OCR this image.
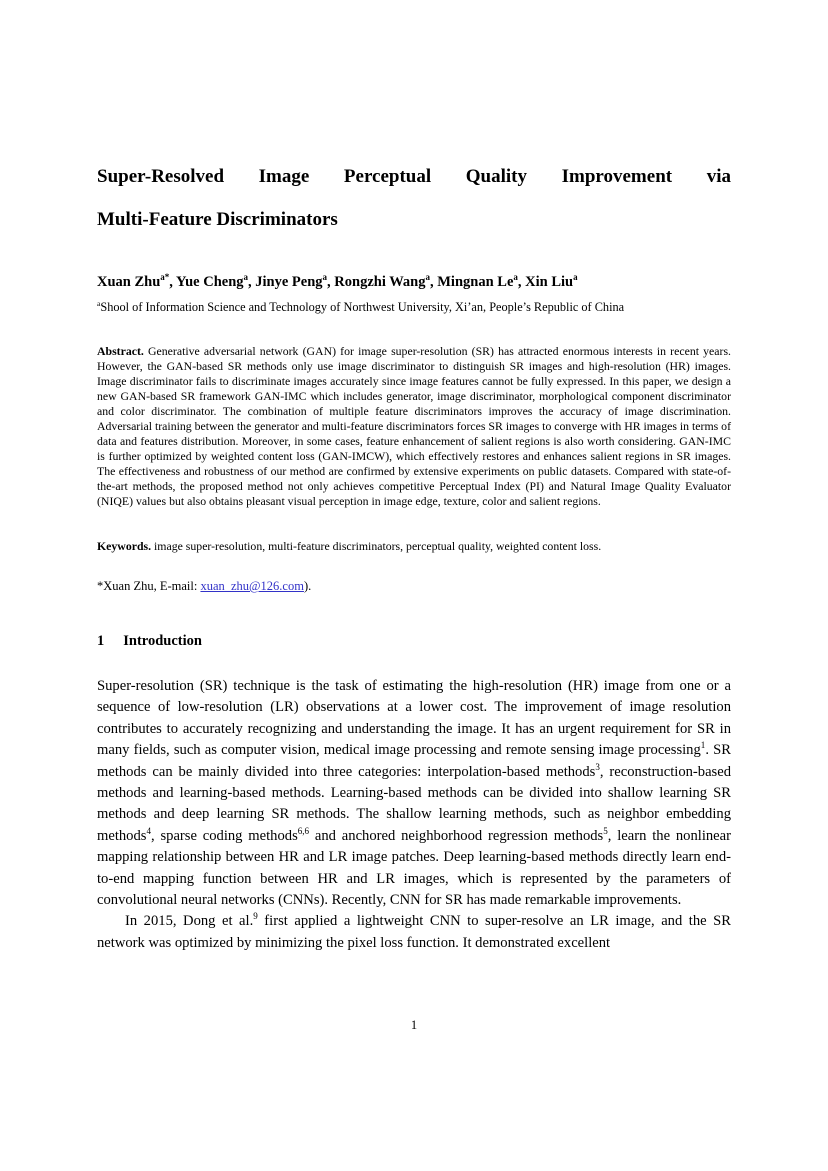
Super-Resolved Image Perceptual Quality Improvement via
Multi-Feature Discriminators
Xuan Zhu$^{a*}$, Yue Cheng$^a$, Jinye Peng$^a$, Rongzhi Wang$^a$, Mingnan Le$^a$, Xin Liu$^a$
$^a$Shool of Information Science and Technology of Northwest University, Xi’an, People’s Republic of China
Abstract. Generative adversarial network (GAN) for image super-resolution (SR) has attracted enormous interests in recent years. However, the GAN-based SR methods only use image discriminator to distinguish SR images and high-resolution (HR) images. Image discriminator fails to discriminate images accurately since image features cannot be fully expressed. In this paper, we design a new GAN-based SR framework GAN-IMC which includes generator, image discriminator, morphological component discriminator and color discriminator. The combination of multiple feature discriminators improves the accuracy of image discrimination. Adversarial training between the generator and multi-feature discriminators forces SR images to converge with HR images in terms of data and features distribution. Moreover, in some cases, feature enhancement of salient regions is also worth considering. GAN-IMC is further optimized by weighted content loss (GAN-IMCW), which effectively restores and enhances salient regions in SR images. The effectiveness and robustness of our method are confirmed by extensive experiments on public datasets. Compared with state-of-the-art methods, the proposed method not only achieves competitive Perceptual Index (PI) and Natural Image Quality Evaluator (NIQE) values but also obtains pleasant visual perception in image edge, texture, color and salient regions.
Keywords. image super-resolution, multi-feature discriminators, perceptual quality, weighted content loss.
*Xuan Zhu, E-mail: xuan_zhu@126.com).
1 Introduction

Super-resolution (SR) technique is the task of estimating the high-resolution (HR) image from one or a sequence of low-resolution (LR) observations at a lower cost. The improvement of image resolution contributes to accurately recognizing and understanding the image. It has an urgent requirement for SR in many fields, such as computer vision, medical image processing and remote sensing image processing$^1$. SR methods can be mainly divided into three categories: interpolation-based methods$^3$, reconstruction-based methods and learning-based methods. Learning-based methods can be divided into shallow learning SR methods and deep learning SR methods. The shallow learning methods, such as neighbor embedding methods$^4$, sparse coding methods$^{6,6}$ and anchored neighborhood regression methods$^5$, learn the nonlinear mapping relationship between HR and LR image patches. Deep learning-based methods directly learn end-to-end mapping function between HR and LR images, which is represented by the parameters of convolutional neural networks (CNNs). Recently, CNN for SR has made remarkable improvements.

In 2015, Dong et al.$^9$ first applied a lightweight CNN to super-resolve an LR image, and the SR network was optimized by minimizing the pixel loss function. It demonstrated excellent

1
